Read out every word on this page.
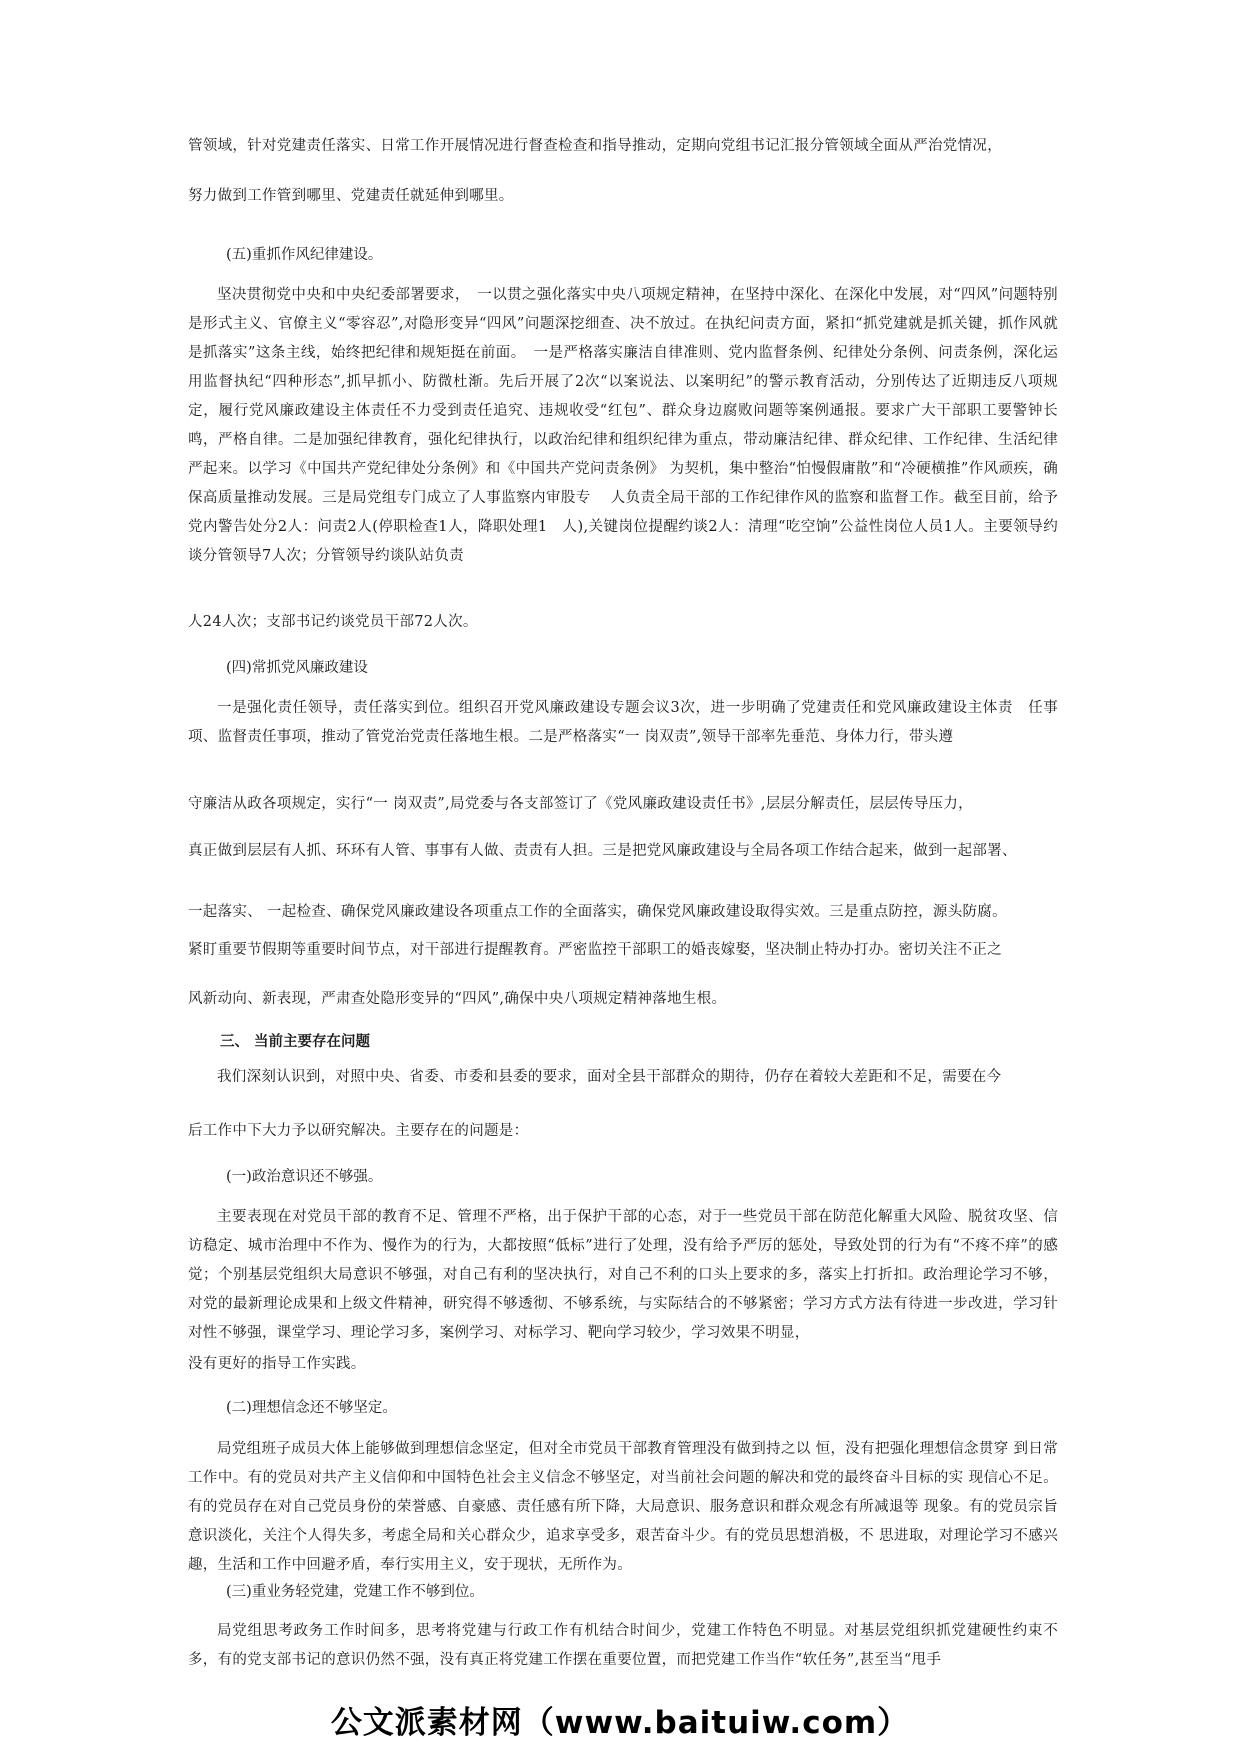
管领域，针对党建责任落实、日常工作开展情况进行督查检查和指导推动，定期向党组书记汇报分管领域全面从严治党情况，

努力做到工作管到哪里、党建责任就延伸到哪里。

(五)重抓作风纪律建设。

坚决贯彻党中央和中央纪委部署要求，　一以贯之强化落实中央八项规定精神，在坚持中深化、在深化中发展，对“四风”问题特别是形式主义、官僚主义“零容忍”,对隐形变异“四风”问题深挖细查、决不放过。在执纪问责方面，紧扣“抓党建就是抓关键，抓作风就是抓落实”这条主线，始终把纪律和规矩挺在前面。　一是严格落实廉洁自律准则、党内监督条例、纪律处分条例、问责条例，深化运用监督执纪“四种形态”,抓早抓小、防微杜渐。先后开展了2次“以案说法、以案明纪”的警示教育活动，分别传达了近期违反八项规定，履行党风廉政建设主体责任不力受到责任追究、违规收受“红包”、群众身边腐败问题等案例通报。要求广大干部职工要警钟长鸣，严格自律。二是加强纪律教育，强化纪律执行，以政治纪律和组织纪律为重点，带动廉洁纪律、群众纪律、工作纪律、生活纪律严起来。以学习《中国共产党纪律处分条例》和《中国共产党问责条例》 为契机，集中整治“怕慢假庸散”和“冷硬横推”作风顽疾，确保高质量推动发展。三是局党组专门成立了人事监察内审股专　 人负责全局干部的工作纪律作风的监察和监督工作。截至目前，给予党内警告处分2人：问责2人(停职检查1人，降职处理1　人),关键岗位提醒约谈2人：清理“吃空饷”公益性岗位人员1人。主要领导约谈分管领导7人次；分管领导约谈队站负责

人24人次；支部书记约谈党员干部72人次。

(四)常抓党风廉政建设

一是强化责任领导，责任落实到位。组织召开党风廉政建设专题会议3次，进一步明确了党建责任和党风廉政建设主体责　任事项、监督责任事项，推动了管党治党责任落地生根。二是严格落实“一 岗双责”,领导干部率先垂范、身体力行，带头遵

守廉洁从政各项规定，实行“一 岗双责”,局党委与各支部签订了《党风廉政建设责任书》,层层分解责任，层层传导压力，

真正做到层层有人抓、环环有人管、事事有人做、责责有人担。三是把党风廉政建设与全局各项工作结合起来，做到一起部署、

一起落实、 一起检查、确保党风廉政建设各项重点工作的全面落实，确保党风廉政建设取得实效。三是重点防控，源头防腐。

紧盯重要节假期等重要时间节点，对干部进行提醒教育。严密监控干部职工的婚丧嫁娶，坚决制止特办打办。密切关注不正之

风新动向、新表现，严肃查处隐形变异的“四风”,确保中央八项规定精神落地生根。

三、 当前主要存在问题

我们深刻认识到，对照中央、省委、市委和县委的要求，面对全县干部群众的期待，仍存在着较大差距和不足，需要在今

后工作中下大力予以研究解决。主要存在的问题是：

(一)政治意识还不够强。

主要表现在对党员干部的教育不足、管理不严格，出于保护干部的心态，对于一些党员干部在防范化解重大风险、脱贫攻坚、信访稳定、城市治理中不作为、慢作为的行为，大都按照“低标”进行了处理，没有给予严厉的惩处，导致处罚的行为有“不疼不痒”的感觉；个别基层党组织大局意识不够强，对自己有利的坚决执行，对自己不利的口头上要求的多，落实上打折扣。政治理论学习不够，对党的最新理论成果和上级文件精神，研究得不够透彻、不够系统，与实际结合的不够紧密；学习方式方法有待进一步改进，学习针对性不够强，课堂学习、理论学习多，案例学习、对标学习、靶向学习较少，学习效果不明显，

没有更好的指导工作实践。

(二)理想信念还不够坚定。

局党组班子成员大体上能够做到理想信念坚定，但对全市党员干部教育管理没有做到持之以 恒，没有把强化理想信念贯穿 到日常工作中。有的党员对共产主义信仰和中国特色社会主义信念不够坚定，对当前社会问题的解决和党的最终奋斗目标的实 现信心不足。有的党员存在对自己党员身份的荣誉感、自豪感、责任感有所下降，大局意识、服务意识和群众观念有所减退等 现象。有的党员宗旨意识淡化，关注个人得失多，考虑全局和关心群众少，追求享受多，艰苦奋斗少。有的党员思想消极，不 思进取，对理论学习不感兴趣，生活和工作中回避矛盾，奉行实用主义，安于现状，无所作为。

(三)重业务轻党建，党建工作不够到位。

局党组思考政务工作时间多，思考将党建与行政工作有机结合时间少，党建工作特色不明显。对基层党组织抓党建硬性约束不多，有的党支部书记的意识仍然不强，没有真正将党建工作摆在重要位置，而把党建工作当作“软任务”,甚至当“甩手

公文派素材网（www.baituiw.com）
